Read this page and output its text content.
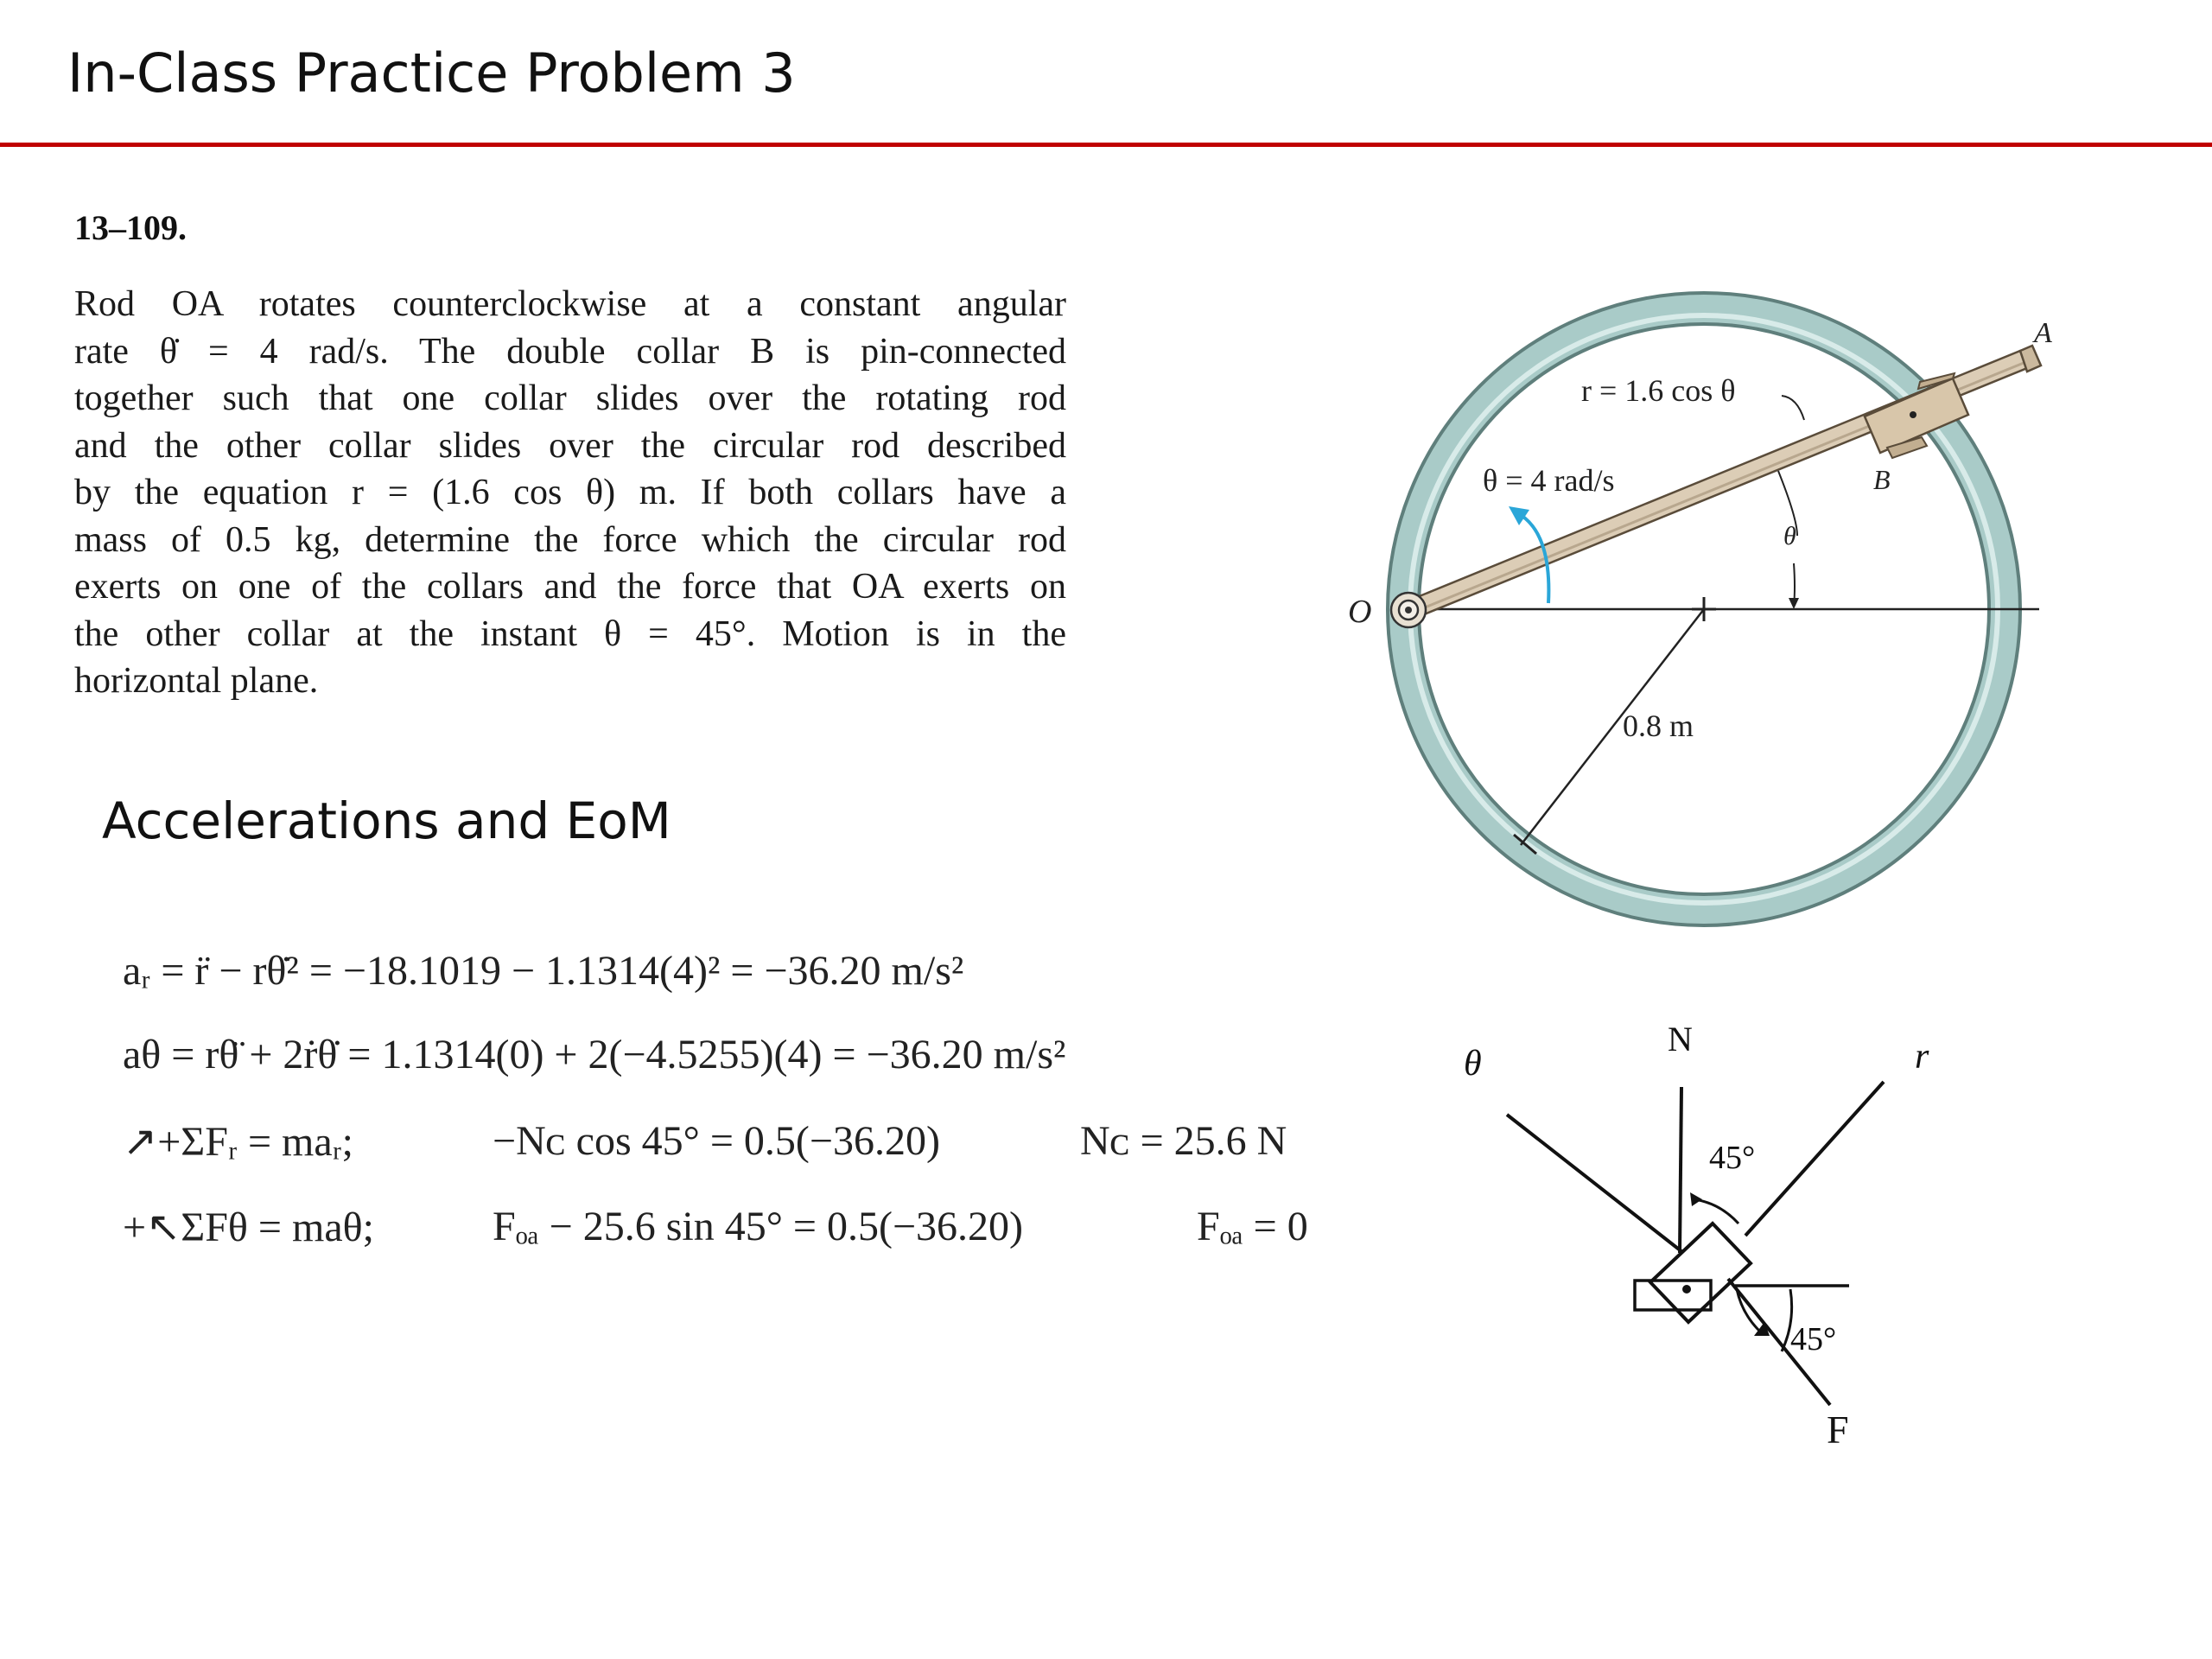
In-Class Practice Problem 3
13–109.
Rod OA rotates counterclockwise at a constant angular
rate θ̇ = 4 rad/s. The double collar B is pin-connected
together such that one collar slides over the rotating rod
and the other collar slides over the circular rod described
by the equation r = (1.6 cos θ) m. If both collars have a
mass of 0.5 kg, determine the force which the circular rod
exerts on one of the collars and the force that OA exerts on
the other collar at the instant θ = 45°. Motion is in the
horizontal plane.
Accelerations and EoM
aᵣ = r̈ − rθ̇² = −18.1019 − 1.1314(4)² = −36.20 m/s²
aθ = rθ̈ + 2ṙθ̇ = 1.1314(0) + 2(−4.5255)(4) = −36.20 m/s²
↗+ΣFᵣ = maᵣ;	−Nᴄ cos 45° = 0.5(−36.20)	Nᴄ = 25.6 N
+↖ΣFθ = maθ;	Fₒₐ − 25.6 sin 45° = 0.5(−36.20)	Fₒₐ = 0
r = 1.6 cos θ
θ = 4 rad/s
O
A
B
θ
0.8 m
θ
N	r
45°
45°
F
